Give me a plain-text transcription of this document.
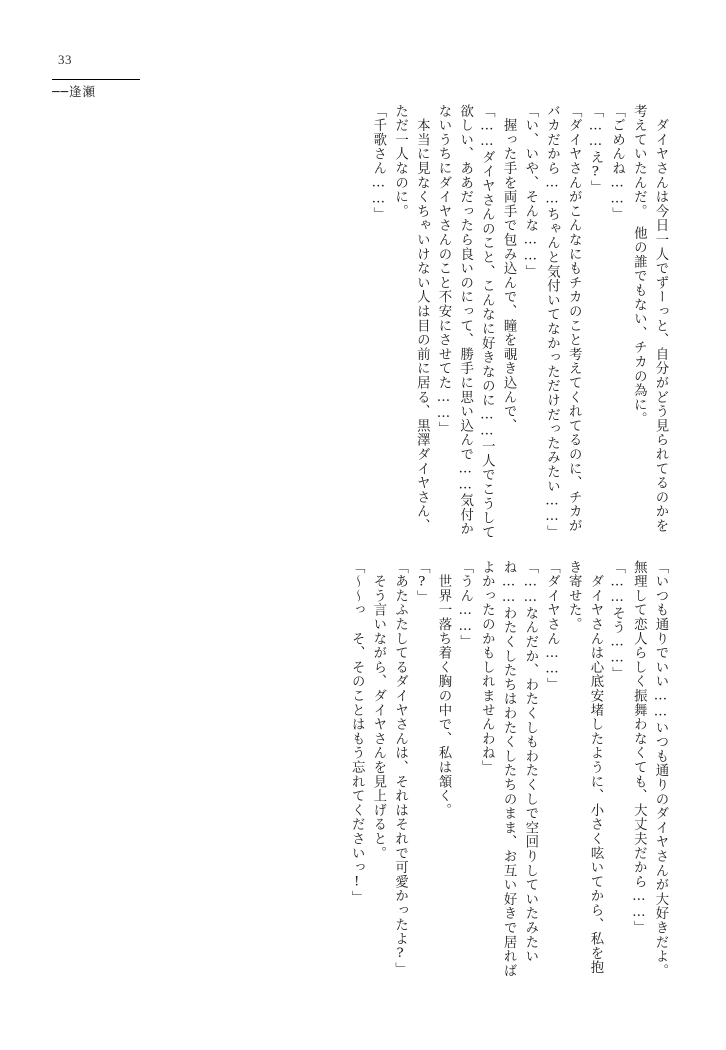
33
──逢瀬

　ダイヤさんは今日一人でずーっと、自分がどう見られてるのかを考えていたんだ。　他の誰でもない、チカの為に。

「ごめんね……」

「……え?」

「ダイヤさんがこんなにもチカのこと考えてくれてるのに、チカがバカだから……ちゃんと気付いてなかっただけだったみたい……」

「い、いや、そんな……」

　握った手を両手で包み込んで、瞳を覗き込んで、

「……ダイヤさんのこと、こんなに好きなのに……一人でこうして欲しい、ああだったら良いのにって、勝手に思い込んで……気付かないうちにダイヤさんのこと不安にさせてた……」

　本当に見なくちゃいけない人は目の前に居る、黒澤ダイヤさん、ただ一人なのに。

「千歌さん……」

「いつも通りでいい……いつも通りのダイヤさんが大好きだよ。　無理して恋人らしく振舞わなくても、大丈夫だから……」

「……そう……」

　ダイヤさんは心底安堵したように、小さく呟いてから、私を抱き寄せた。

「ダイヤさん……」

「……なんだか、わたくしもわたくしで空回りしていたみたいね……わたくしたちはわたくしたちのまま、お互い好きで居ればよかったのかもしれませんわね」

「うん……」

　世界一落ち着く胸の中で、私は頷く。

「?」

「あたふたしてるダイヤさんは、それはそれで可愛かったよ?」

　そう言いながら、ダイヤさんを見上げると。

「〜〜っ　そ、そのことはもう忘れてくださいっ!」
